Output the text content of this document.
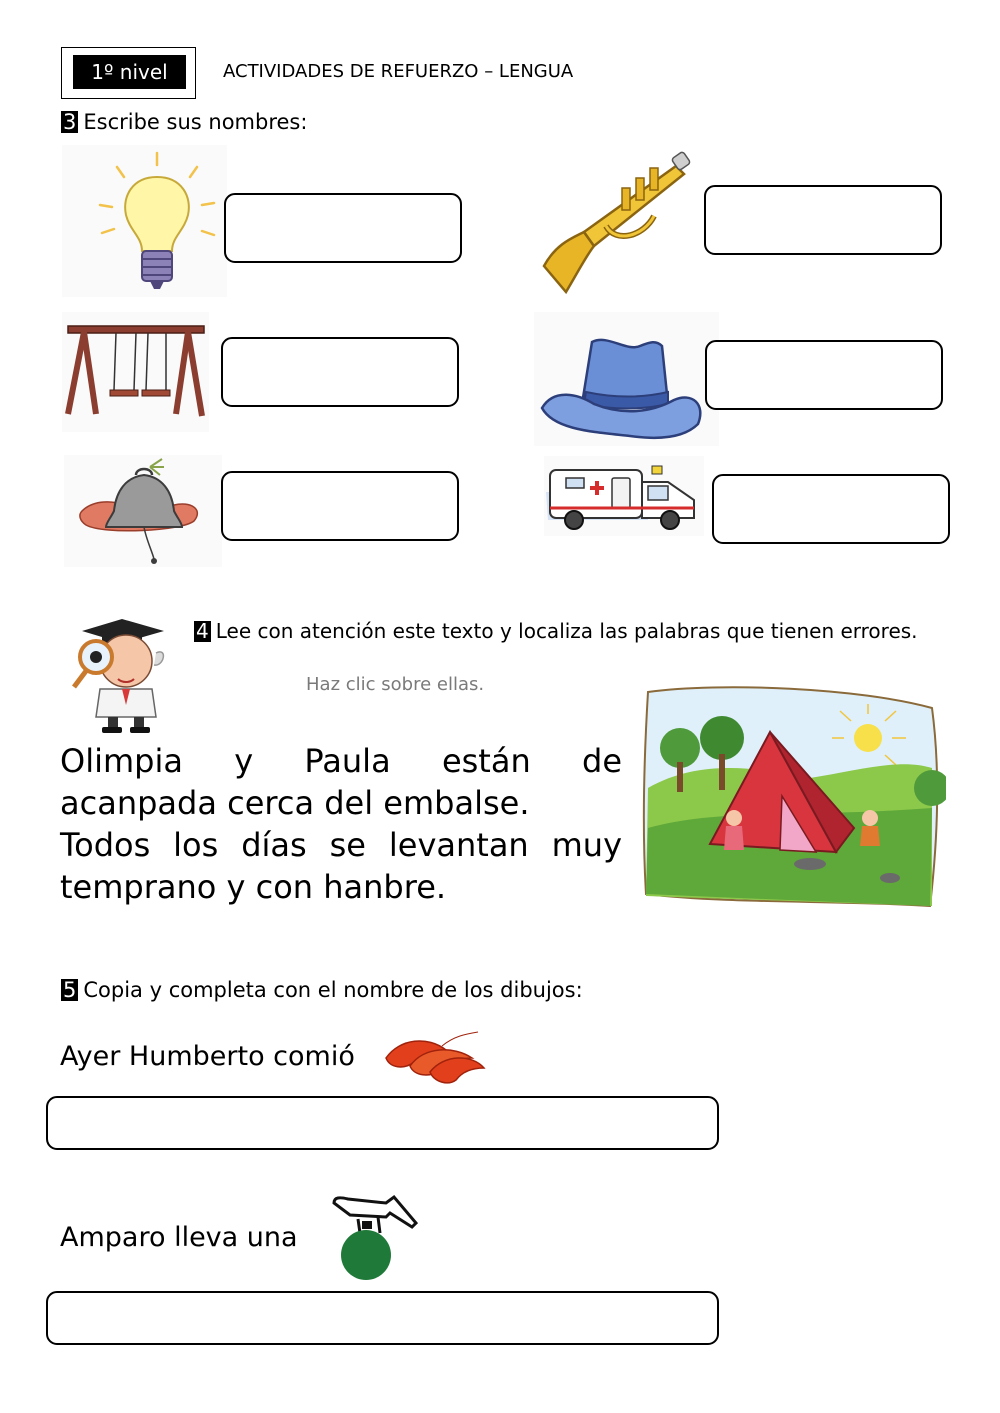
1º nivel	ACTIVIDADES DE REFUERZO – LENGUA
3 Escribe sus nombres:
4 Lee con atención este texto y localiza las palabras que tienen errores.
Haz clic sobre ellas.

Olimpia y Paula están de acanpada cerca del embalse.

Todos los días se levantan muy temprano y con hanbre.

5 Copia y completa con el nombre de los dibujos:
Ayer Humberto comió
Amparo lleva una
